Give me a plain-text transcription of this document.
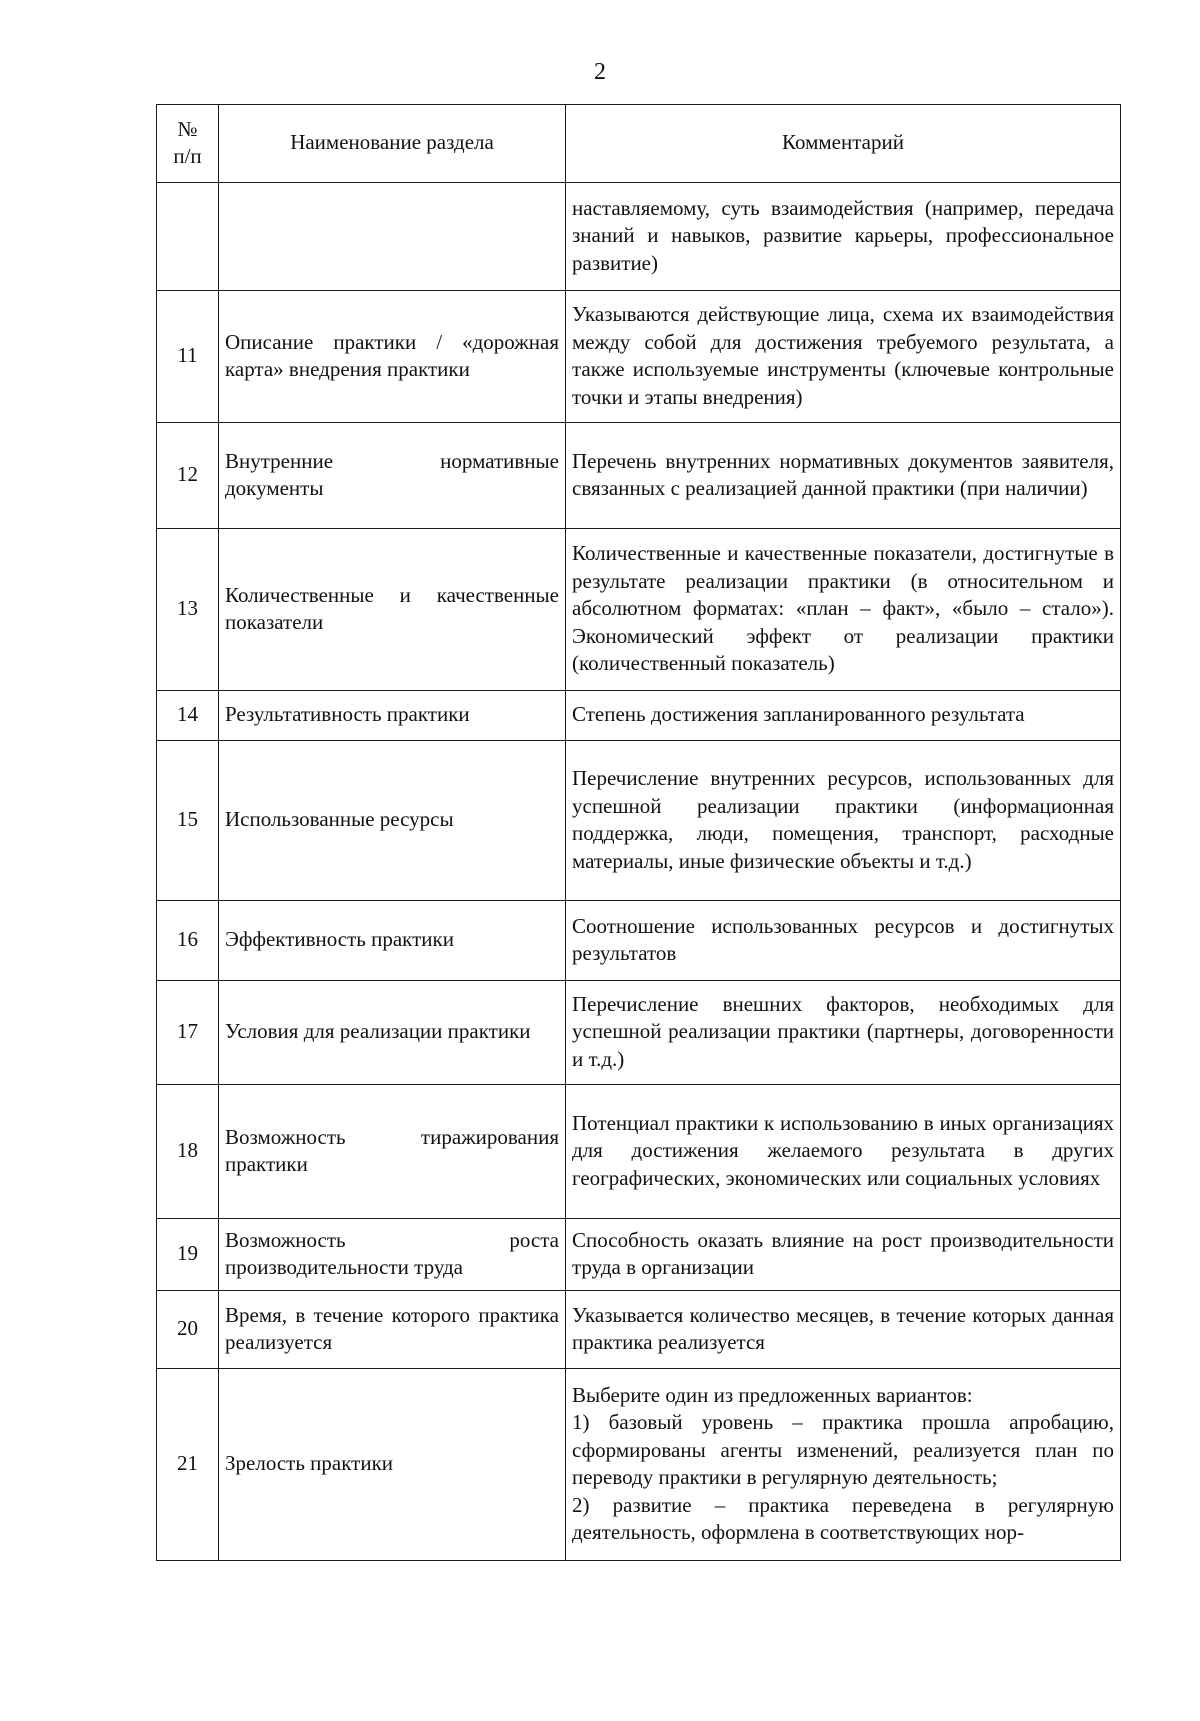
2
№
п/п	Наименование раздела	Комментарий
		наставляемому, суть взаимодействия (например, передача знаний и навыков, развитие карьеры, профессиональное развитие)
11	Описание практики / «дорожная карта» внедрения практики	Указываются действующие лица, схема их взаимодействия между собой для достижения требуемого результата, а также используемые инструменты (ключевые контрольные точки и этапы внедрения)
12	Внутренние нормативные документы	Перечень внутренних нормативных документов заявителя, связанных с реализацией данной практики (при наличии)
13	Количественные и качественные показатели	Количественные и качественные показатели, достигнутые в результате реализации практики (в относительном и абсолютном форматах: «план – факт», «было – стало»). Экономический эффект от реализации практики (количественный показатель)
14	Результативность практики	Степень достижения запланированного результата
15	Использованные ресурсы	Перечисление внутренних ресурсов, использованных для успешной реализации практики (информационная поддержка, люди, помещения, транспорт, расходные материалы, иные физические объекты и т.д.)
16	Эффективность практики	Соотношение использованных ресурсов и достигнутых результатов
17	Условия для реализации практики	Перечисление внешних факторов, необходимых для успешной реализации практики (партнеры, договоренности и т.д.)
18	Возможность тиражирования практики	Потенциал практики к использованию в иных организациях для достижения желаемого результата в других географических, экономических или социальных условиях
19	Возможность роста производительности труда	Способность оказать влияние на рост производительности труда в организации
20	Время, в течение которого практика реализуется	Указывается количество месяцев, в течение которых данная практика реализуется
21	Зрелость практики	Выберите один из предложенных вариантов:
1) базовый уровень – практика прошла апробацию, сформированы агенты изменений, реализуется план по переводу практики в регулярную деятельность;
2) развитие – практика переведена в регулярную деятельность, оформлена в соответствующих нор-
